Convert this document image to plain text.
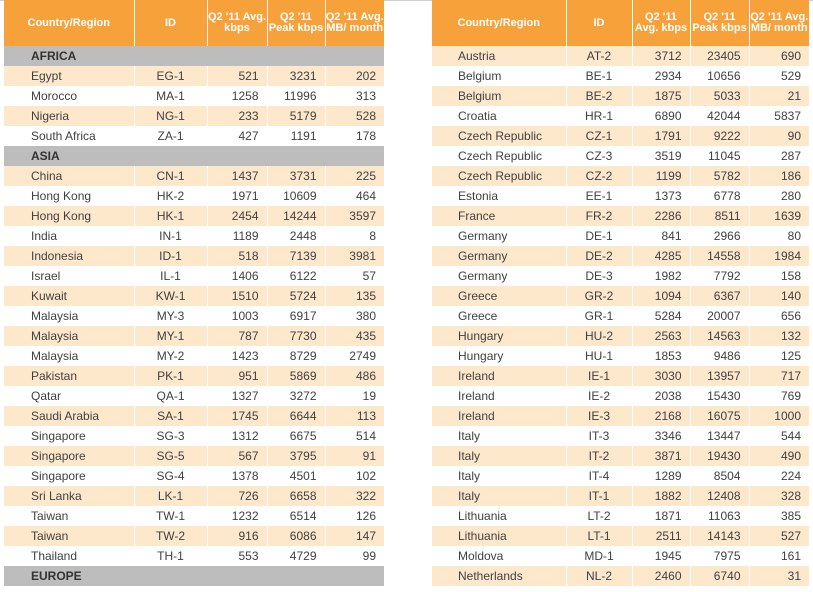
Country/Region	ID	Q2 '11 Avg. kbps	Q2 '11 Peak kbps	Q2 '11 Avg. MB/ month
AFRICA				
Egypt	EG-1	521	3231	202
Morocco	MA-1	1258	11996	313
Nigeria	NG-1	233	5179	528
South Africa	ZA-1	427	1191	178
ASIA				
China	CN-1	1437	3731	225
Hong Kong	HK-2	1971	10609	464
Hong Kong	HK-1	2454	14244	3597
India	IN-1	1189	2448	8
Indonesia	ID-1	518	7139	3981
Israel	IL-1	1406	6122	57
Kuwait	KW-1	1510	5724	135
Malaysia	MY-3	1003	6917	380
Malaysia	MY-1	787	7730	435
Malaysia	MY-2	1423	8729	2749
Pakistan	PK-1	951	5869	486
Qatar	QA-1	1327	3272	19
Saudi Arabia	SA-1	1745	6644	113
Singapore	SG-3	1312	6675	514
Singapore	SG-5	567	3795	91
Singapore	SG-4	1378	4501	102
Sri Lanka	LK-1	726	6658	322
Taiwan	TW-1	1232	6514	126
Taiwan	TW-2	916	6086	147
Thailand	TH-1	553	4729	99
EUROPE				
Country/Region	ID	Q2 '11 Avg. kbps	Q2 '11 Peak kbps	Q2 '11 Avg. MB/ month
Austria	AT-2	3712	23405	690
Belgium	BE-1	2934	10656	529
Belgium	BE-2	1875	5033	21
Croatia	HR-1	6890	42044	5837
Czech Republic	CZ-1	1791	9222	90
Czech Republic	CZ-3	3519	11045	287
Czech Republic	CZ-2	1199	5782	186
Estonia	EE-1	1373	6778	280
France	FR-2	2286	8511	1639
Germany	DE-1	841	2966	80
Germany	DE-2	4285	14558	1984
Germany	DE-3	1982	7792	158
Greece	GR-2	1094	6367	140
Greece	GR-1	5284	20007	656
Hungary	HU-2	2563	14563	132
Hungary	HU-1	1853	9486	125
Ireland	IE-1	3030	13957	717
Ireland	IE-2	2038	15430	769
Ireland	IE-3	2168	16075	1000
Italy	IT-3	3346	13447	544
Italy	IT-2	3871	19430	490
Italy	IT-4	1289	8504	224
Italy	IT-1	1882	12408	328
Lithuania	LT-2	1871	11063	385
Lithuania	LT-1	2511	14143	527
Moldova	MD-1	1945	7975	161
Netherlands	NL-2	2460	6740	31
